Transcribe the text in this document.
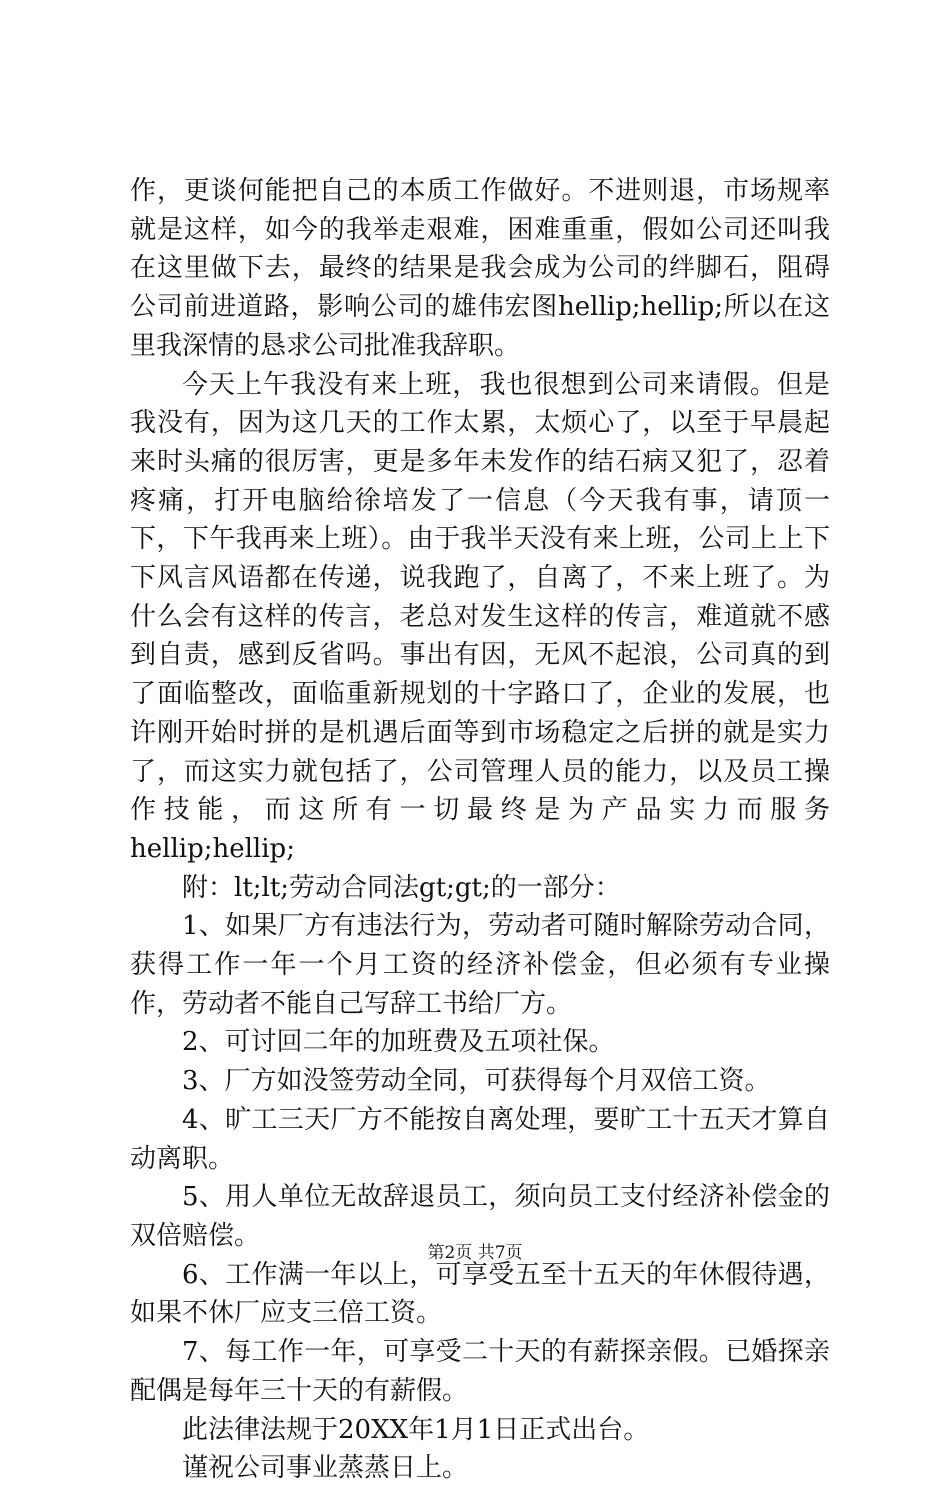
作，更谈何能把自己的本质工作做好。不进则退，市场规率就是这样，如今的我举走艰难，困难重重，假如公司还叫我在这里做下去，最终的结果是我会成为公司的绊脚石，阻碍公司前进道路，影响公司的雄伟宏图hellip;hellip;所以在这里我深情的恳求公司批准我辞职。

今天上午我没有来上班，我也很想到公司来请假。但是我没有，因为这几天的工作太累，太烦心了，以至于早晨起来时头痛的很厉害，更是多年未发作的结石病又犯了，忍着疼痛，打开电脑给徐培发了一信息（今天我有事，请顶一下，下午我再来上班）。由于我半天没有来上班，公司上上下下风言风语都在传递，说我跑了，自离了，不来上班了。为什么会有这样的传言，老总对发生这样的传言，难道就不感到自责，感到反省吗。事出有因，无风不起浪，公司真的到了面临整改，面临重新规划的十字路口了，企业的发展，也许刚开始时拼的是机遇后面等到市场稳定之后拼的就是实力了，而这实力就包括了，公司管理人员的能力，以及员工操作技能，而这所有一切最终是为产品实力而服务hellip;hellip;

附：lt;lt;劳动合同法gt;gt;的一部分：

1、如果厂方有违法行为，劳动者可随时解除劳动合同，获得工作一年一个月工资的经济补偿金，但必须有专业操作，劳动者不能自己写辞工书给厂方。

2、可讨回二年的加班费及五项社保。

3、厂方如没签劳动全同，可获得每个月双倍工资。

4、旷工三天厂方不能按自离处理，要旷工十五天才算自动离职。

5、用人单位无故辞退员工，须向员工支付经济补偿金的双倍赔偿。

6、工作满一年以上，可享受五至十五天的年休假待遇，如果不休厂应支三倍工资。

7、每工作一年，可享受二十天的有薪探亲假。已婚探亲配偶是每年三十天的有薪假。

此法律法规于20XX年1月1日正式出台。

谨祝公司事业蒸蒸日上。

第2页 共7页
